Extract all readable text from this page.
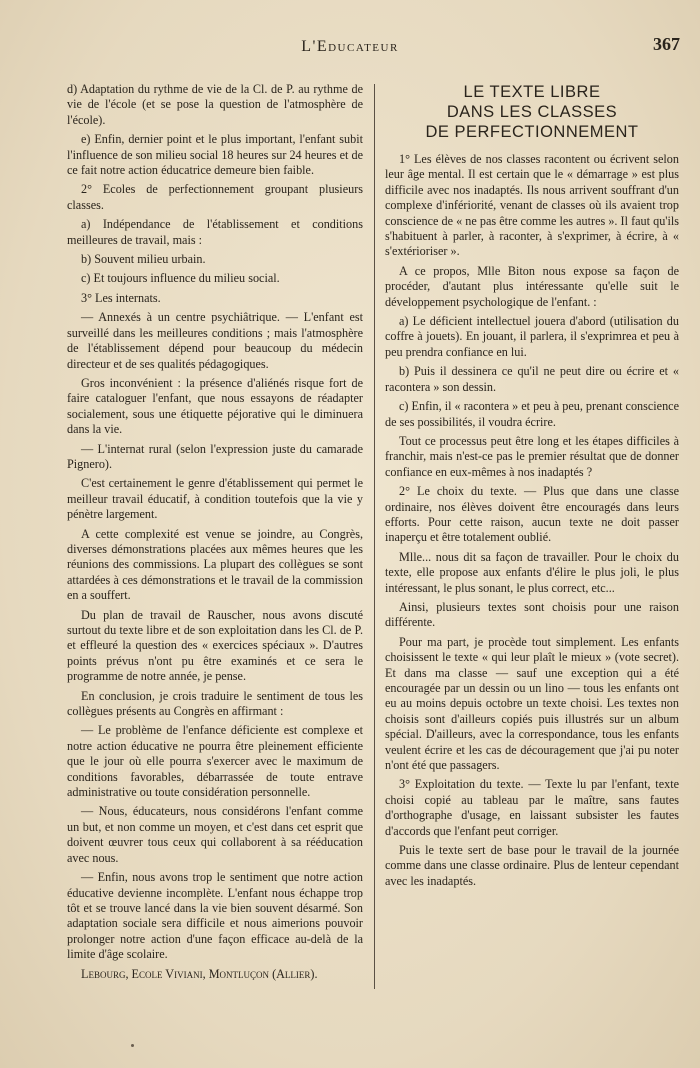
L'Educateur	367

d) Adaptation du rythme de vie de la Cl. de P. au rythme de vie de l'école (et se pose la question de l'atmosphère de l'école).

e) Enfin, dernier point et le plus important, l'enfant subit l'influence de son milieu social 18 heures sur 24 heures et de ce fait notre action éducatrice demeure bien faible.

2° Ecoles de perfectionnement groupant plusieurs classes.

a) Indépendance de l'établissement et conditions meilleures de travail, mais :

b) Souvent milieu urbain.

c) Et toujours influence du milieu social.

3° Les internats.

— Annexés à un centre psychiâtrique. — L'enfant est surveillé dans les meilleures conditions ; mais l'atmosphère de l'établissement dépend pour beaucoup du médecin directeur et de ses qualités pédagogiques.

Gros inconvénient : la présence d'aliénés risque fort de faire cataloguer l'enfant, que nous essayons de réadapter socialement, sous une étiquette péjorative qui le diminuera dans la vie.

— L'internat rural (selon l'expression juste du camarade Pignero).

C'est certainement le genre d'établissement qui permet le meilleur travail éducatif, à condition toutefois que la vie y pénètre largement.

A cette complexité est venue se joindre, au Congrès, diverses démonstrations placées aux mêmes heures que les réunions des commissions. La plupart des collègues se sont attardées à ces démonstrations et le travail de la commission en a souffert.

Du plan de travail de Rauscher, nous avons discuté surtout du texte libre et de son exploitation dans les Cl. de P. et effleuré la question des « exercices spéciaux ». D'autres points prévus n'ont pu être examinés et ce sera le programme de notre année, je pense.

En conclusion, je crois traduire le sentiment de tous les collègues présents au Congrès en affirmant :

— Le problème de l'enfance déficiente est complexe et notre action éducative ne pourra être pleinement efficiente que le jour où elle pourra s'exercer avec le maximum de conditions favorables, débarrassée de toute entrave administrative ou toute considération personnelle.

— Nous, éducateurs, nous considérons l'enfant comme un but, et non comme un moyen, et c'est dans cet esprit que doivent œuvrer tous ceux qui collaborent à sa rééducation avec nous.

— Enfin, nous avons trop le sentiment que notre action éducative devienne incomplète. L'enfant nous échappe trop tôt et se trouve lancé dans la vie bien souvent désarmé. Son adaptation sociale sera difficile et nous aimerions pouvoir prolonger notre action d'une façon efficace au-delà de la limite d'âge scolaire.

Lebourg, Ecole Viviani, Montluçon (Allier).

LE TEXTE LIBRE
DANS LES CLASSES
DE PERFECTIONNEMENT

1° Les élèves de nos classes racontent ou écrivent selon leur âge mental. Il est certain que le « démarrage » est plus difficile avec nos inadaptés. Ils nous arrivent souffrant d'un complexe d'infériorité, venant de classes où ils avaient trop conscience de « ne pas être comme les autres ». Il faut qu'ils s'habituent à parler, à raconter, à s'exprimer, à écrire, à « s'extérioriser ».

A ce propos, Mlle Biton nous expose sa façon de procéder, d'autant plus intéressante qu'elle suit le développement psychologique de l'enfant. :

a) Le déficient intellectuel jouera d'abord (utilisation du coffre à jouets). En jouant, il parlera, il s'exprimrea et peu à peu prendra confiance en lui.

b) Puis il dessinera ce qu'il ne peut dire ou écrire et « racontera » son dessin.

c) Enfin, il « racontera » et peu à peu, prenant conscience de ses possibilités, il voudra écrire.

Tout ce processus peut être long et les étapes difficiles à franchir, mais n'est-ce pas le premier résultat que de donner confiance en eux-mêmes à nos inadaptés ?

2° Le choix du texte. — Plus que dans une classe ordinaire, nos élèves doivent être encouragés dans leurs efforts. Pour cette raison, aucun texte ne doit passer inaperçu et être totalement oublié.

Mlle... nous dit sa façon de travailler. Pour le choix du texte, elle propose aux enfants d'élire le plus joli, le plus intéressant, le plus sonant, le plus correct, etc...

Ainsi, plusieurs textes sont choisis pour une raison différente.

Pour ma part, je procède tout simplement. Les enfants choisissent le texte « qui leur plaît le mieux » (vote secret). Et dans ma classe — sauf une exception qui a été encouragée par un dessin ou un lino — tous les enfants ont eu au moins depuis octobre un texte choisi. Les textes non choisis sont d'ailleurs copiés puis illustrés sur un album spécial. D'ailleurs, avec la correspondance, tous les enfants veulent écrire et les cas de découragement que j'ai pu noter n'ont été que passagers.

3° Exploitation du texte. — Texte lu par l'enfant, texte choisi copié au tableau par le maître, sans fautes d'orthographe d'usage, en laissant subsister les fautes d'accords que l'enfant peut corriger.

Puis le texte sert de base pour le travail de la journée comme dans une classe ordinaire. Plus de lenteur cependant avec les inadaptés.
